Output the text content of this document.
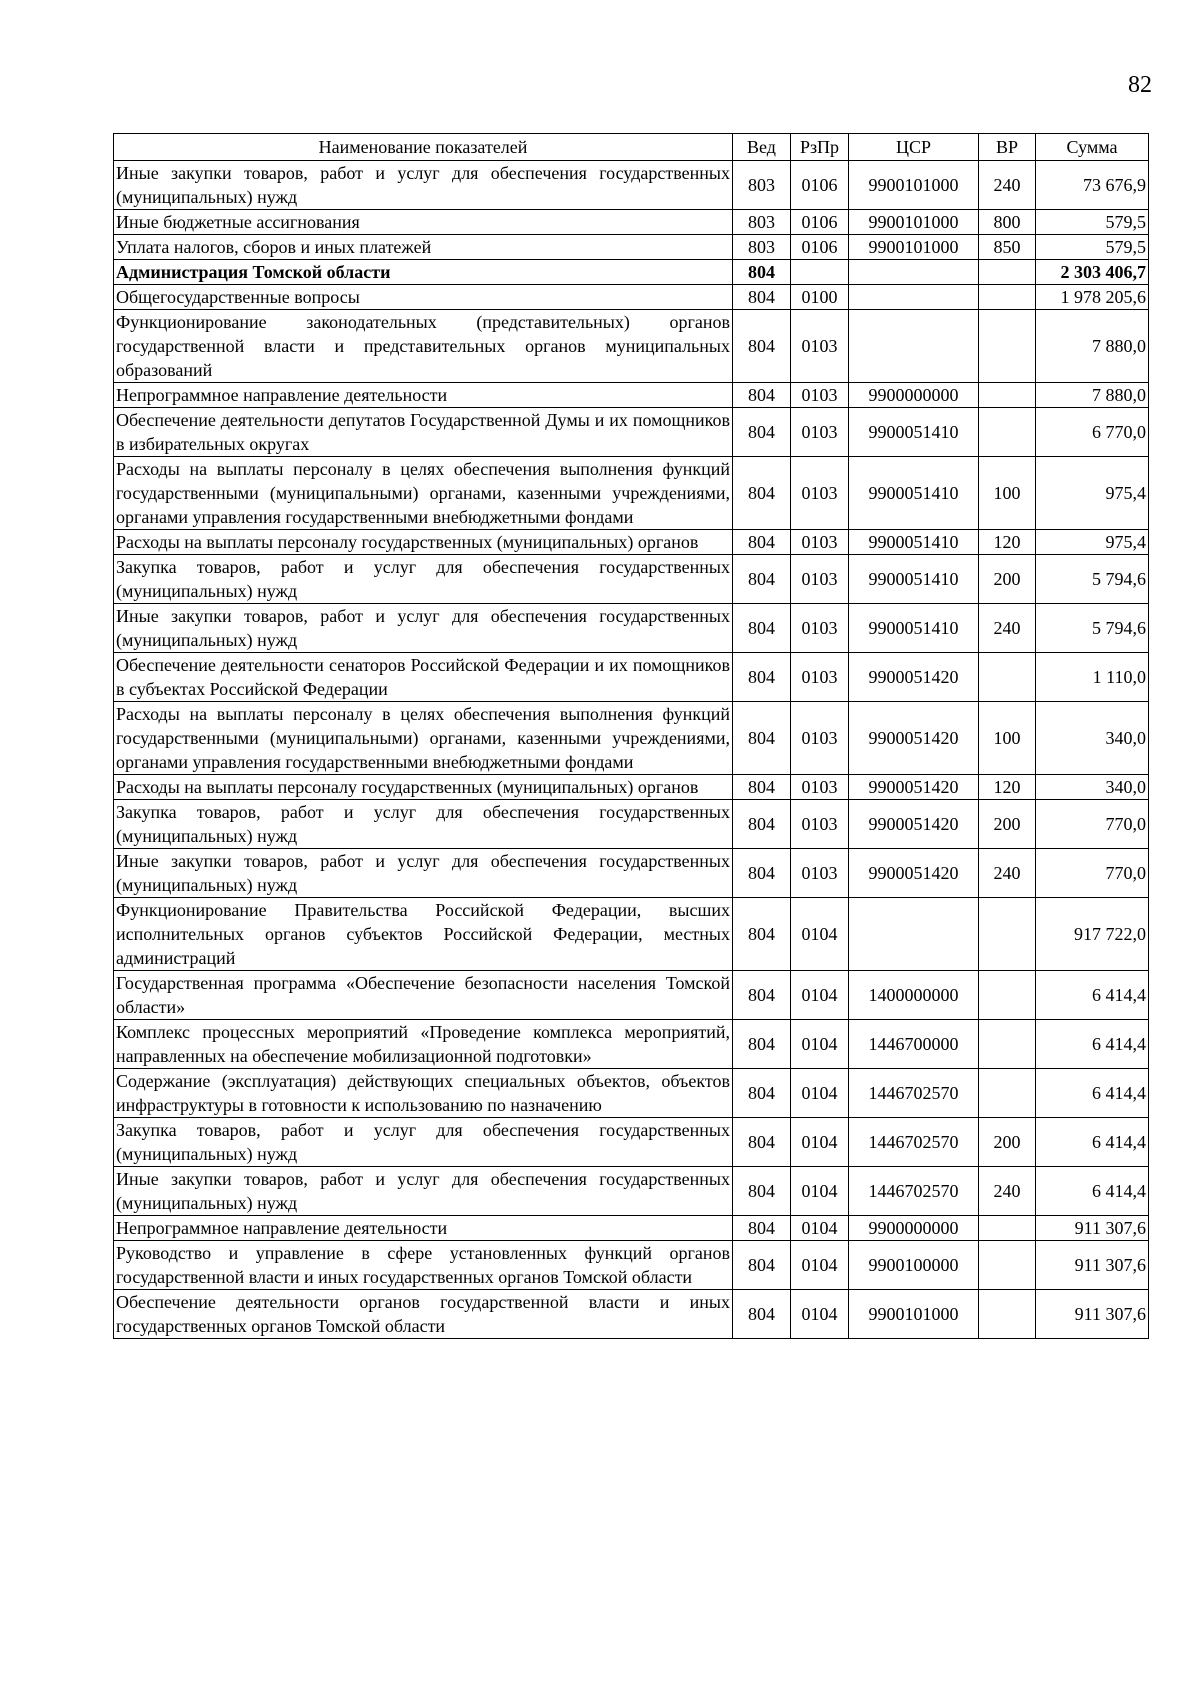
82
Наименование показателей	Вед	РзПр	ЦСР	ВР	Сумма
Иные закупки товаров, работ и услуг для обеспечения государственных (муниципальных) нужд	803	0106	9900101000	240	73 676,9
Иные бюджетные ассигнования	803	0106	9900101000	800	579,5
Уплата налогов, сборов и иных платежей	803	0106	9900101000	850	579,5
Администрация Томской области	804				2 303 406,7
Общегосударственные вопросы	804	0100			1 978 205,6
Функционирование законодательных (представительных) органов государственной власти и представительных органов муниципальных образований	804	0103			7 880,0
Непрограммное направление деятельности	804	0103	9900000000		7 880,0
Обеспечение деятельности депутатов Государственной Думы и их помощников в избирательных округах	804	0103	9900051410		6 770,0
Расходы на выплаты персоналу в целях обеспечения выполнения функций государственными (муниципальными) органами, казенными учреждениями, органами управления государственными внебюджетными фондами	804	0103	9900051410	100	975,4
Расходы на выплаты персоналу государственных (муниципальных) органов	804	0103	9900051410	120	975,4
Закупка товаров, работ и услуг для обеспечения государственных (муниципальных) нужд	804	0103	9900051410	200	5 794,6
Иные закупки товаров, работ и услуг для обеспечения государственных (муниципальных) нужд	804	0103	9900051410	240	5 794,6
Обеспечение деятельности сенаторов Российской Федерации и их помощников в субъектах Российской Федерации	804	0103	9900051420		1 110,0
Расходы на выплаты персоналу в целях обеспечения выполнения функций государственными (муниципальными) органами, казенными учреждениями, органами управления государственными внебюджетными фондами	804	0103	9900051420	100	340,0
Расходы на выплаты персоналу государственных (муниципальных) органов	804	0103	9900051420	120	340,0
Закупка товаров, работ и услуг для обеспечения государственных (муниципальных) нужд	804	0103	9900051420	200	770,0
Иные закупки товаров, работ и услуг для обеспечения государственных (муниципальных) нужд	804	0103	9900051420	240	770,0
Функционирование Правительства Российской Федерации, высших исполнительных органов субъектов Российской Федерации, местных администраций	804	0104			917 722,0
Государственная программа «Обеспечение безопасности населения Томской области»	804	0104	1400000000		6 414,4
Комплекс процессных мероприятий «Проведение комплекса мероприятий, направленных на обеспечение мобилизационной подготовки»	804	0104	1446700000		6 414,4
Содержание (эксплуатация) действующих специальных объектов, объектов инфраструктуры в готовности к использованию по назначению	804	0104	1446702570		6 414,4
Закупка товаров, работ и услуг для обеспечения государственных (муниципальных) нужд	804	0104	1446702570	200	6 414,4
Иные закупки товаров, работ и услуг для обеспечения государственных (муниципальных) нужд	804	0104	1446702570	240	6 414,4
Непрограммное направление деятельности	804	0104	9900000000		911 307,6
Руководство и управление в сфере установленных функций органов государственной власти и иных государственных органов Томской области	804	0104	9900100000		911 307,6
Обеспечение деятельности органов государственной власти и иных государственных органов Томской области	804	0104	9900101000		911 307,6
